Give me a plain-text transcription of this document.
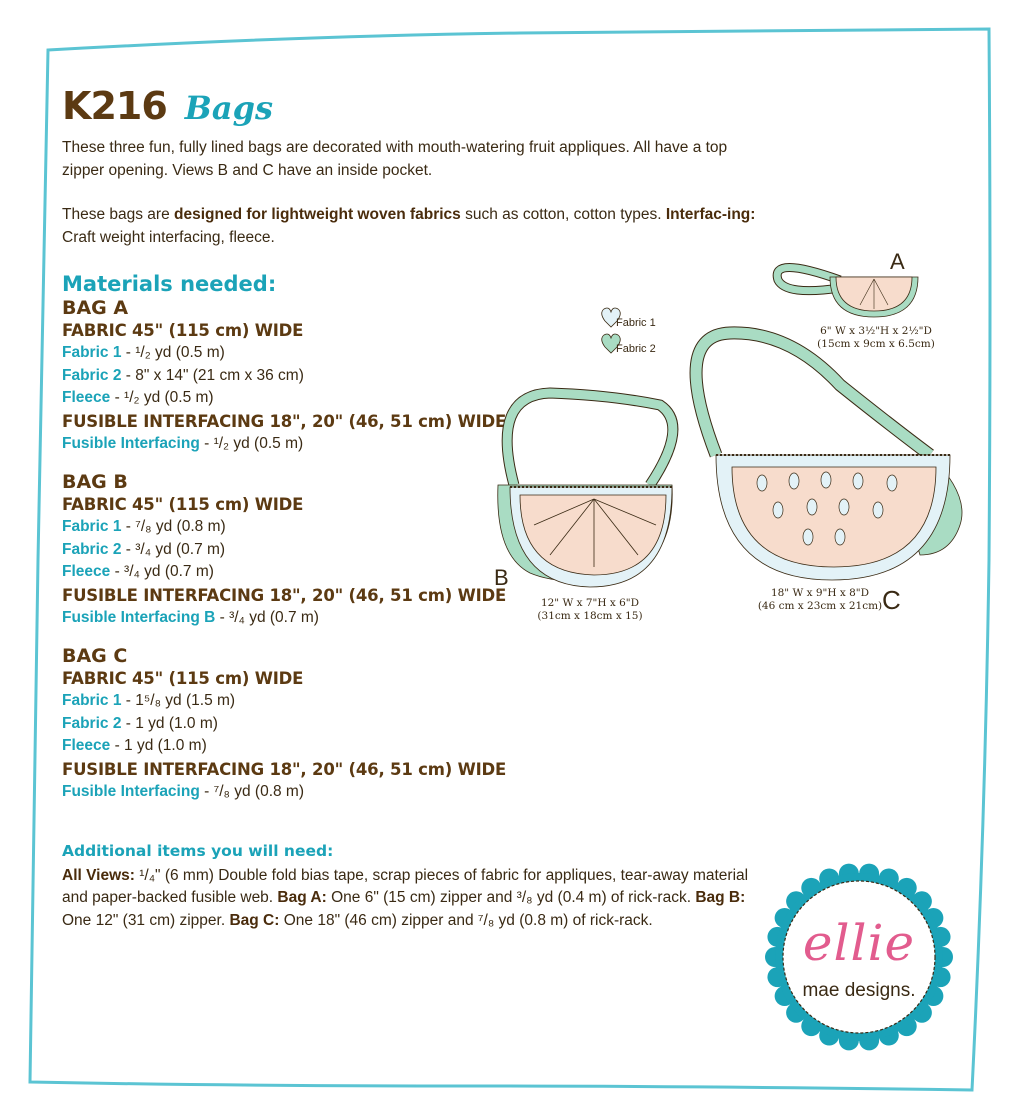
K216 Bags

These three fun, fully lined bags are decorated with mouth-watering fruit appliques. All have a top zipper opening. Views B and C have an inside pocket.

These bags are designed for lightweight woven fabrics such as cotton, cotton types. Interfac-ing: Craft weight interfacing, fleece.

Materials needed:

BAG A

FABRIC 45" (115 cm) WIDE

Fabric 1 - ¹/₂ yd (0.5 m)

Fabric 2 - 8" x 14" (21 cm x 36 cm)

Fleece - ¹/₂ yd (0.5 m)

FUSIBLE INTERFACING 18", 20" (46, 51 cm) WIDE

Fusible Interfacing - ¹/₂ yd (0.5 m)

BAG B

FABRIC 45" (115 cm) WIDE

Fabric 1 - ⁷/₈ yd (0.8 m)

Fabric 2 - ³/₄ yd (0.7 m)

Fleece - ³/₄ yd (0.7 m)

FUSIBLE INTERFACING 18", 20" (46, 51 cm) WIDE

Fusible Interfacing B - ³/₄ yd (0.7 m)

BAG C

FABRIC 45" (115 cm) WIDE

Fabric 1 - 1⁵/₈ yd (1.5 m)

Fabric 2 - 1 yd (1.0 m)

Fleece - 1 yd (1.0 m)

FUSIBLE INTERFACING 18", 20" (46, 51 cm) WIDE

Fusible Interfacing - ⁷/₈ yd (0.8 m)

Additional items you will need:

All Views: ¹/₄" (6 mm) Double fold bias tape, scrap pieces of fabric for appliques, tear-away material and paper-backed fusible web. Bag A: One 6" (15 cm) zipper and ³/₈ yd (0.4 m) of rick-rack. Bag B: One 12" (31 cm) zipper. Bag C: One 18" (46 cm) zipper and ⁷/₈ yd (0.8 m) of rick-rack.

Fabric 1
Fabric 2
A
B
C
6" W x 3½"H x 2½"D
(15cm x 9cm x 6.5cm)
12" W x 7"H x 6"D
(31cm x 18cm x 15)
18" W x 9"H x 8"D
(46 cm x 23cm x 21cm)
ellie
mae designs.
